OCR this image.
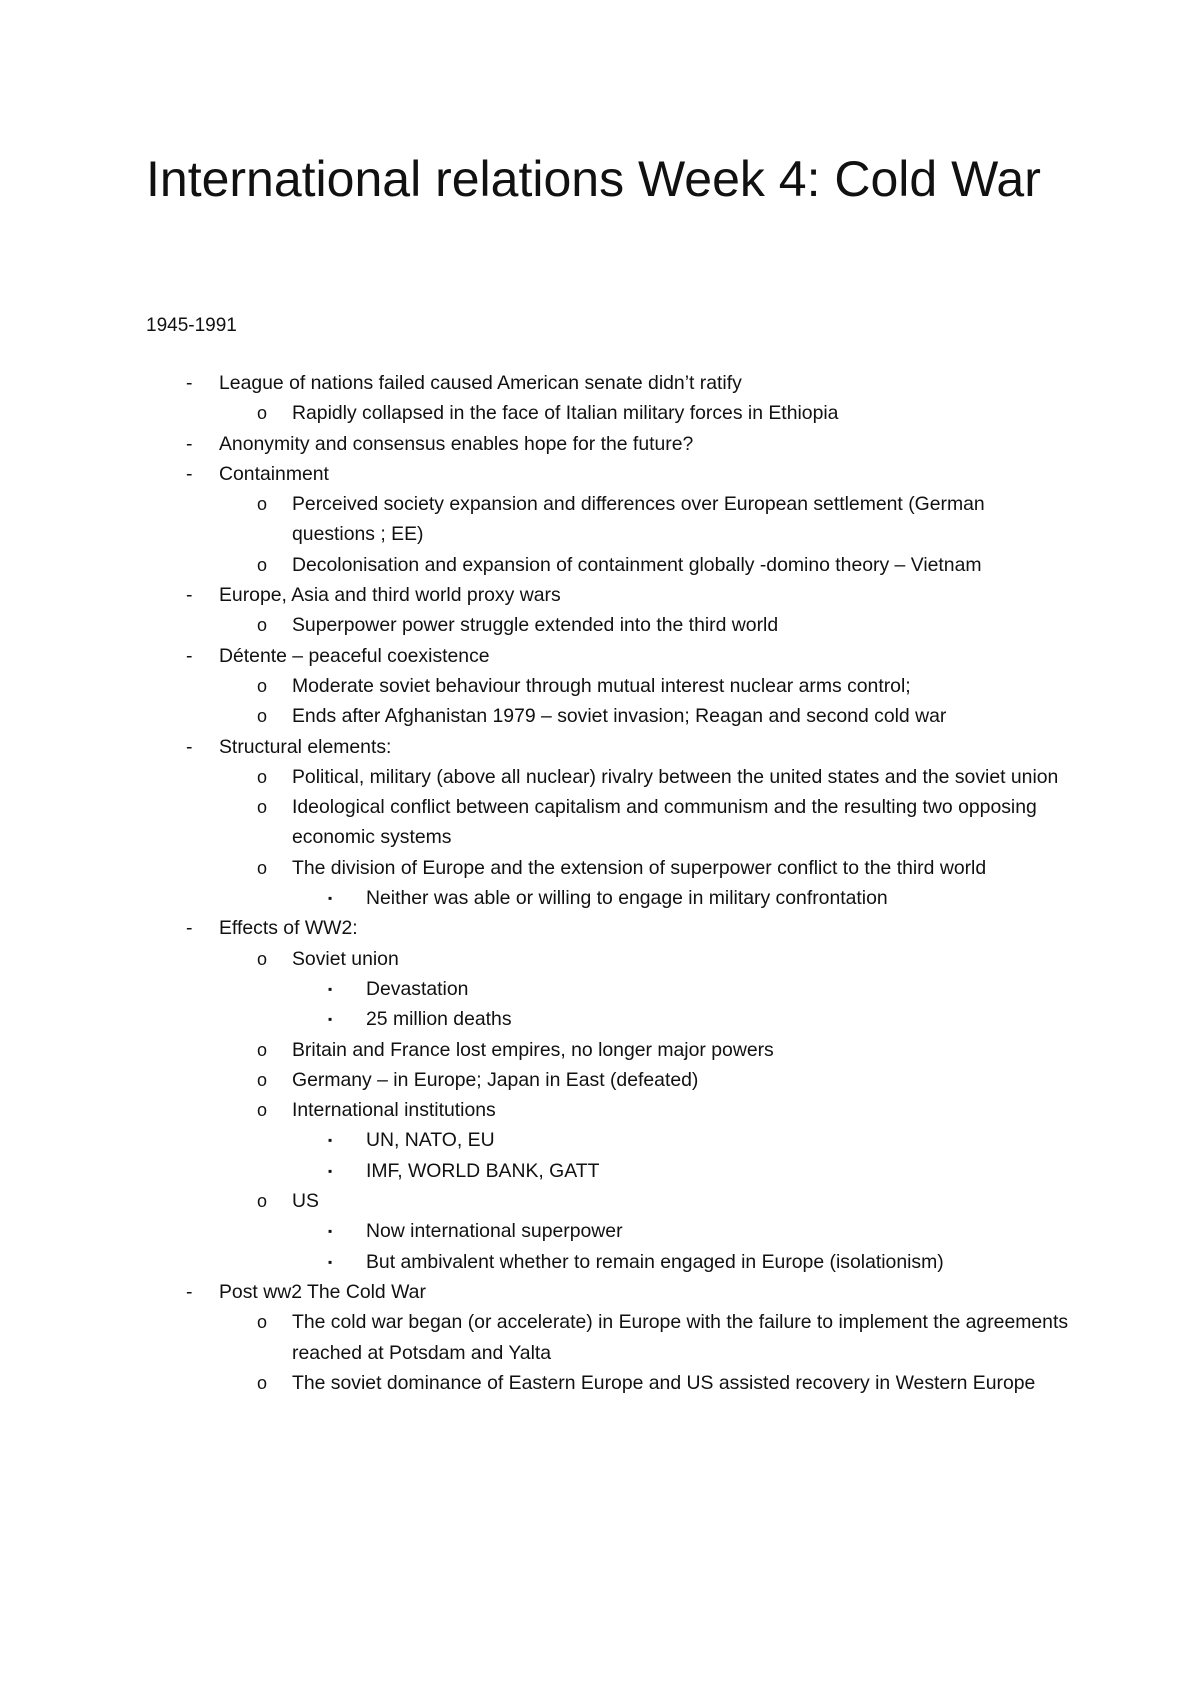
International relations Week 4: Cold War
1945-1991
-	League of nations failed caused American senate didn’t ratify
o	Rapidly collapsed in the face of Italian military forces in Ethiopia
-	Anonymity and consensus enables hope for the future?
-	Containment
o	Perceived society expansion and differences over European settlement (German questions ; EE)
o	Decolonisation and expansion of containment globally -domino theory – Vietnam
-	Europe, Asia and third world proxy wars
o	Superpower power struggle extended into the third world
-	Détente – peaceful coexistence
o	Moderate soviet behaviour through mutual interest nuclear arms control;
o	Ends after Afghanistan 1979 – soviet invasion; Reagan and second cold war
-	Structural elements:
o	Political, military (above all nuclear) rivalry between the united states and the soviet union
o	Ideological conflict between capitalism and communism and the resulting two opposing economic systems
o	The division of Europe and the extension of superpower conflict to the third world
▪	Neither was able or willing to engage in military confrontation
-	Effects of WW2:
o	Soviet union
▪	Devastation
▪	25 million deaths
o	Britain and France lost empires, no longer major powers
o	Germany – in Europe; Japan in East (defeated)
o	International institutions
▪	UN, NATO, EU
▪	IMF, WORLD BANK, GATT
o	US
▪	Now international superpower
▪	But ambivalent whether to remain engaged in Europe (isolationism)
-	Post ww2 The Cold War
o	The cold war began (or accelerate) in Europe with the failure to implement the agreements reached at Potsdam and Yalta
o	The soviet dominance of Eastern Europe and US assisted recovery in Western Europe
